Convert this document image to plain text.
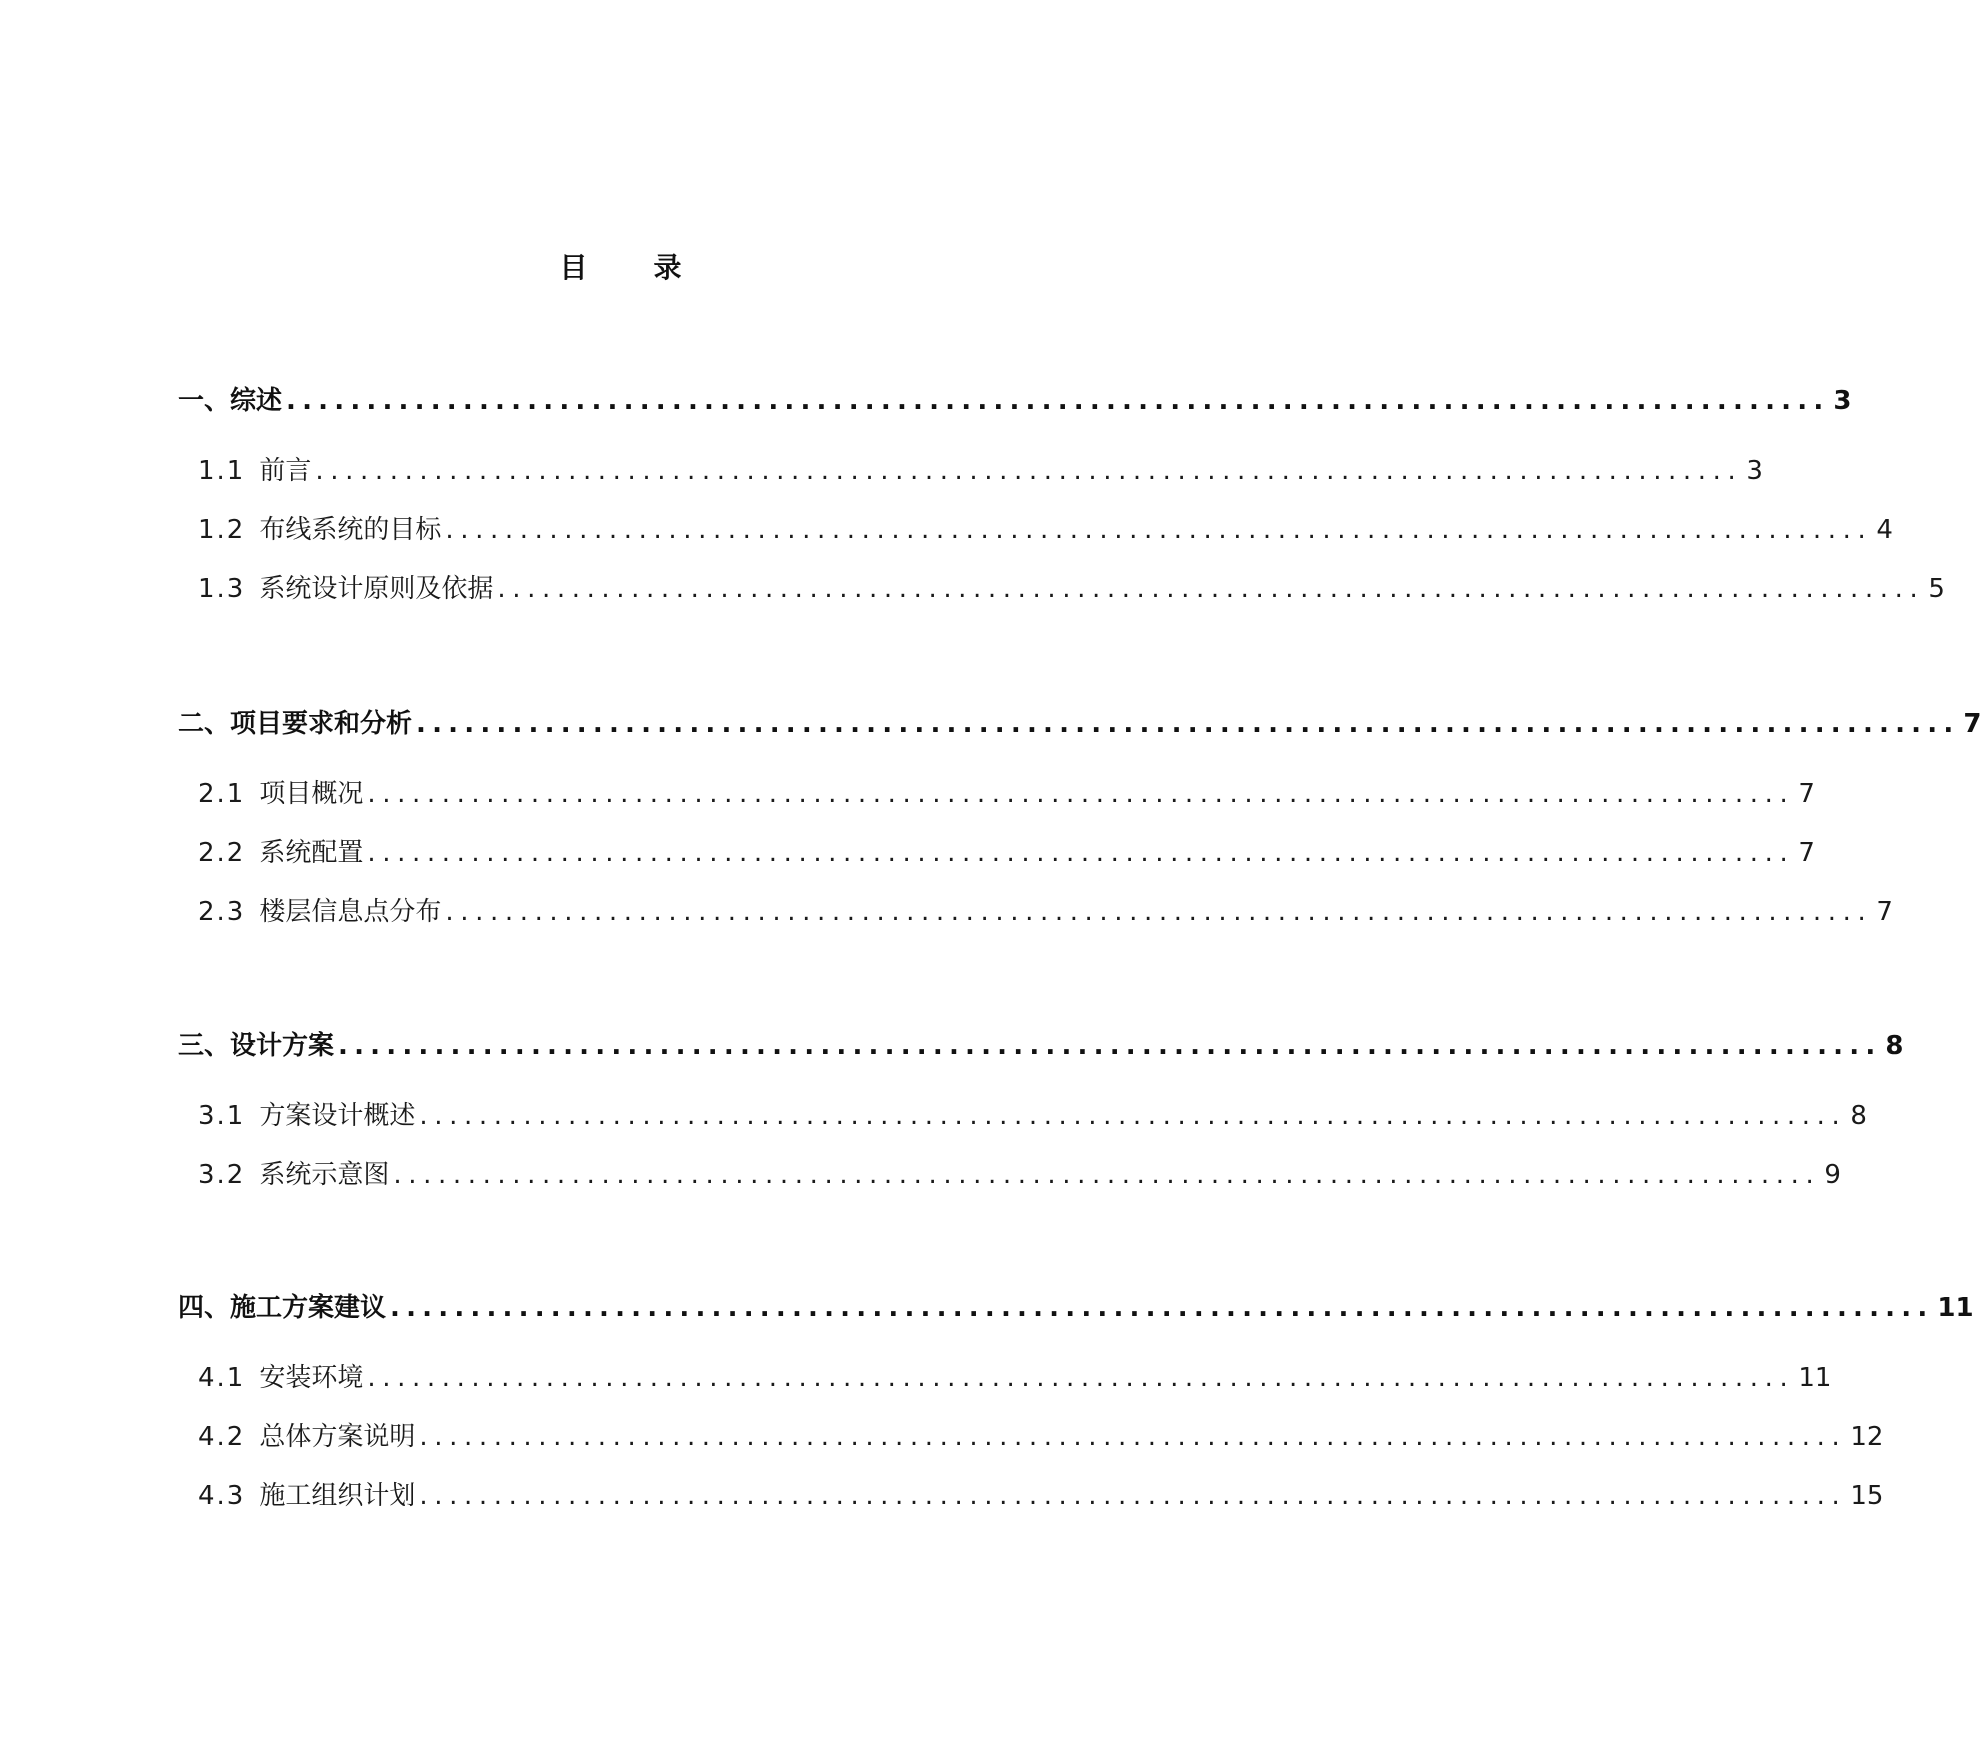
目 录
一、综述 ................................................................................................ 3
1.1 前言 ................................................................................................ 3
1.2 布线系统的目标 ................................................................................................ 4
1.3 系统设计原则及依据 ................................................................................................ 5
二、项目要求和分析 ................................................................................................ 7
2.1 项目概况 ................................................................................................ 7
2.2 系统配置 ................................................................................................ 7
2.3 楼层信息点分布 ................................................................................................ 7
三、设计方案 ................................................................................................ 8
3.1 方案设计概述 ................................................................................................ 8
3.2 系统示意图 ................................................................................................ 9
四、施工方案建议 ................................................................................................ 11
4.1 安装环境 ................................................................................................ 11
4.2 总体方案说明 ................................................................................................ 12
4.3 施工组织计划 ................................................................................................ 15
